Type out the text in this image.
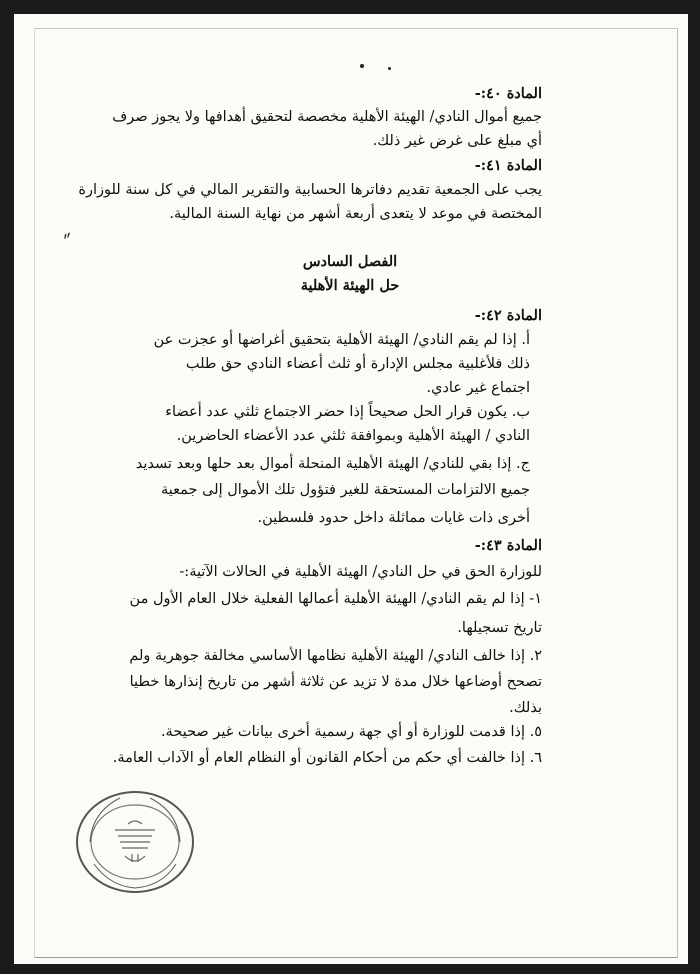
˝
المادة ٤٠:-
جميع أموال النادي/ الهيئة الأهلية مخصصة لتحقيق أهدافها ولا يجوز صرف
أي مبلغ على غرض غير ذلك.
المادة ٤١:-
يجب على الجمعية تقديم دفاترها الحسابية والتقرير المالي في كل سنة للوزارة
المختصة في موعد لا يتعدى أربعة أشهر من نهاية السنة المالية.
الفصل السادس
حل الهيئة الأهلية
المادة ٤٢:-
أ. إذا لم يقم النادي/ الهيئة الأهلية بتحقيق أغراضها أو عجزت عن
ذلك فلأغلبية مجلس الإدارة أو ثلث أعضاء النادي حق طلب
اجتماع غير عادي.
ب. يكون قرار الحل صحيحاً إذا حضر الاجتماع ثلثي عدد أعضاء
النادي / الهيئة الأهلية وبموافقة ثلثي عدد الأعضاء الحاضرين.
ج. إذا بقي للنادي/ الهيئة الأهلية المنحلة أموال بعد حلها وبعد تسديد
جميع الالتزامات المستحقة للغير فتؤول تلك الأموال إلى جمعية
أخرى ذات غايات مماثلة داخل حدود فلسطين.
المادة ٤٣:-
للوزارة الحق في حل النادي/ الهيئة الأهلية في الحالات الآتية:-
١- إذا لم يقم النادي/ الهيئة الأهلية أعمالها الفعلية خلال العام الأول من
تاريخ تسجيلها.
٢. إذا خالف النادي/ الهيئة الأهلية نظامها الأساسي مخالفة جوهرية ولم
تصحح أوضاعها خلال مدة لا تزيد عن ثلاثة أشهر من تاريخ إنذارها خطيا
بذلك.
٥. إذا قدمت للوزارة أو أي جهة رسمية أخرى بيانات غير صحيحة.
٦. إذا خالفت أي حكم من أحكام القانون أو النظام العام أو الآداب العامة.
